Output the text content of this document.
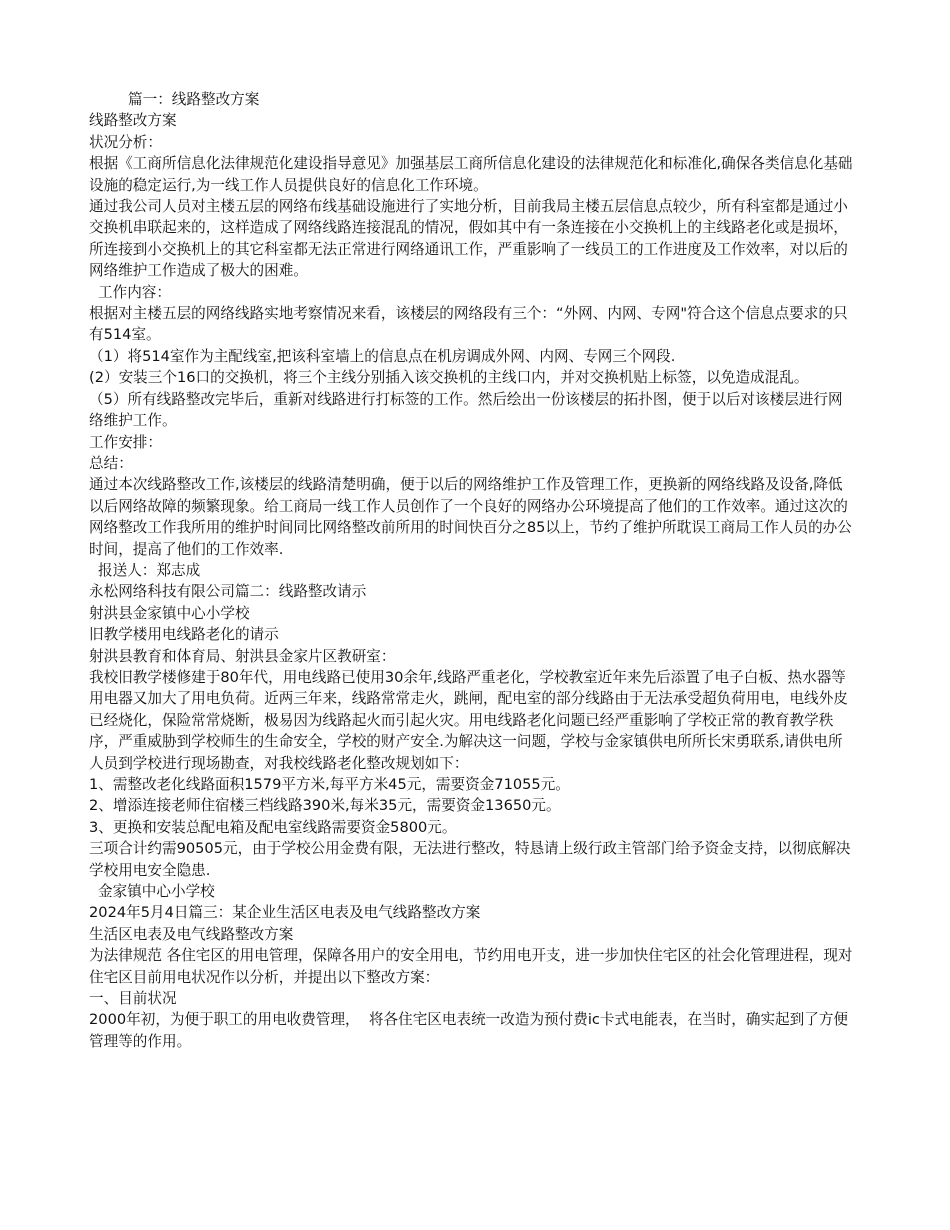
篇一：线路整改方案

线路整改方案

状况分析：

根据《工商所信息化法律规范化建设指导意见》加强基层工商所信息化建设的法律规范化和标准化,确保各类信息化基础设施的稳定运行,为一线工作人员提供良好的信息化工作环境。

通过我公司人员对主楼五层的网络布线基础设施进行了实地分析，目前我局主楼五层信息点较少，所有科室都是通过小交换机串联起来的，这样造成了网络线路连接混乱的情况，假如其中有一条连接在小交换机上的主线路老化或是损坏，所连接到小交换机上的其它科室都无法正常进行网络通讯工作，严重影响了一线员工的工作进度及工作效率，对以后的网络维护工作造成了极大的困难。

工作内容：

根据对主楼五层的网络线路实地考察情况来看，该楼层的网络段有三个：“外网、内网、专网"符合这个信息点要求的只有514室。

（1）将514室作为主配线室,把该科室墙上的信息点在机房调成外网、内网、专网三个网段.

(2）安装三个16口的交换机，将三个主线分别插入该交换机的主线口内，并对交换机贴上标签，以免造成混乱。

（5）所有线路整改完毕后，重新对线路进行打标签的工作。然后绘出一份该楼层的拓扑图，便于以后对该楼层进行网络维护工作。

工作安排：

总结：

通过本次线路整改工作,该楼层的线路清楚明确，便于以后的网络维护工作及管理工作，更换新的网络线路及设备,降低以后网络故障的频繁现象。给工商局一线工作人员创作了一个良好的网络办公环境提高了他们的工作效率。通过这次的网络整改工作我所用的维护时间同比网络整改前所用的时间快百分之85以上，节约了维护所耽误工商局工作人员的办公时间，提高了他们的工作效率.

报送人：郑志成

永松网络科技有限公司篇二：线路整改请示

射洪县金家镇中心小学校

旧教学楼用电线路老化的请示

射洪县教育和体育局、射洪县金家片区教研室：

我校旧教学楼修建于80年代，用电线路已使用30余年,线路严重老化，学校教室近年来先后添置了电子白板、热水器等用电器又加大了用电负荷。近两三年来，线路常常走火，跳闸，配电室的部分线路由于无法承受超负荷用电，电线外皮已经烧化，保险常常烧断，极易因为线路起火而引起火灾。用电线路老化问题已经严重影响了学校正常的教育教学秩序，严重威胁到学校师生的生命安全，学校的财产安全.为解决这一问题，学校与金家镇供电所所长宋勇联系,请供电所人员到学校进行现场勘查，对我校线路老化整改规划如下：

1、需整改老化线路面积1579平方米,每平方米45元，需要资金71055元。

2、增添连接老师住宿楼三档线路390米,每米35元，需要资金13650元。

3、更换和安装总配电箱及配电室线路需要资金5800元。

三项合计约需90505元，由于学校公用金费有限，无法进行整改，特恳请上级行政主管部门给予资金支持，以彻底解决学校用电安全隐患.

金家镇中心小学校

2024年5月4日篇三：某企业生活区电表及电气线路整改方案

生活区电表及电气线路整改方案

为法律规范 各住宅区的用电管理，保障各用户的安全用电，节约用电开支，进一步加快住宅区的社会化管理进程，现对 住宅区目前用电状况作以分析，并提出以下整改方案：

一、目前状况

2000年初，为便于职工的用电收费管理，  将各住宅区电表统一改造为预付费ic卡式电能表，在当时，确实起到了方便管理等的作用。
